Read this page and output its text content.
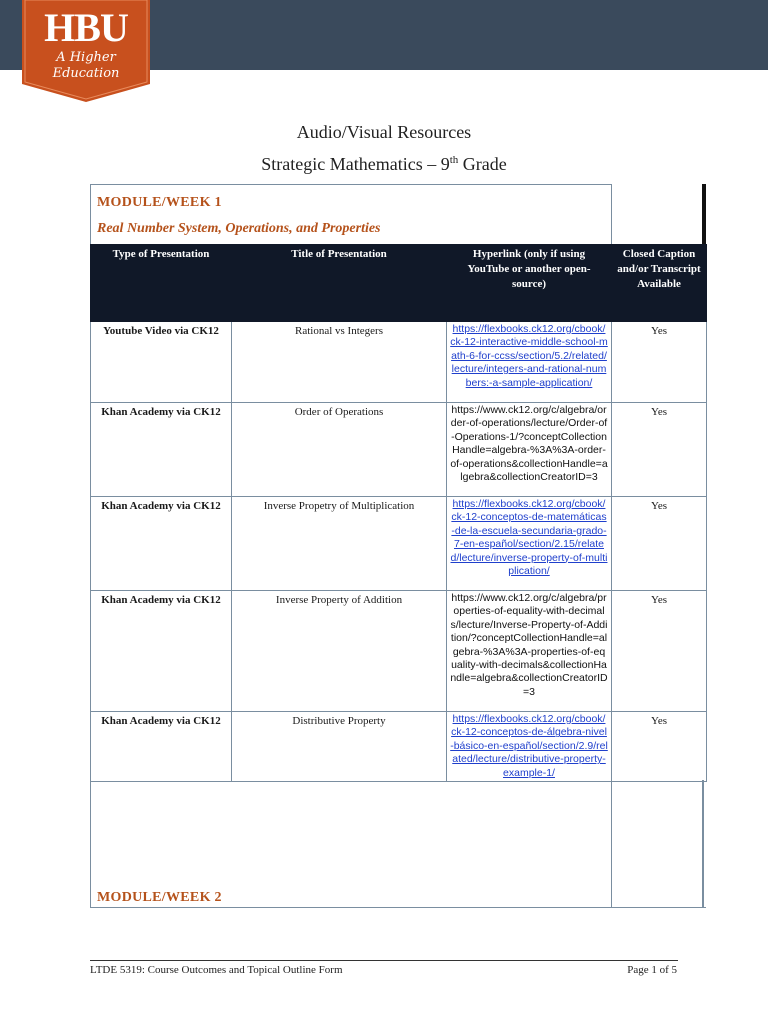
HBU
A Higher Education
Audio/Visual Resources
Strategic Mathematics – 9th Grade
MODULE/WEEK 1
Real Number System, Operations, and Properties
Type of Presentation	Title of Presentation	Hyperlink (only if using YouTube or another open-source)	Closed Caption and/or Transcript Available
Youtube Video via CK12	Rational vs Integers	https://flexbooks.ck12.org/cbook/ck-12-interactive-middle-school-math-6-for-ccss/section/5.2/related/lecture/integers-and-rational-numbers:-a-sample-application/	Yes
Khan Academy via CK12	Order of Operations	https://www.ck12.org/c/algebra/order-of-operations/lecture/Order-of-Operations-1/?conceptCollectionHandle=algebra-%3A%3A-order-of-operations&collectionHandle=algebra&collectionCreatorID=3	Yes
Khan Academy via CK12	Inverse Propetry of Multiplication	https://flexbooks.ck12.org/cbook/ck-12-conceptos-de-matemáticas-de-la-escuela-secundaria-grado-7-en-español/section/2.15/related/lecture/inverse-property-of-multiplication/	Yes
Khan Academy via CK12	Inverse Property of Addition	https://www.ck12.org/c/algebra/properties-of-equality-with-decimals/lecture/Inverse-Property-of-Addition/?conceptCollectionHandle=algebra-%3A%3A-properties-of-equality-with-decimals&collectionHandle=algebra&collectionCreatorID=3	Yes
Khan Academy via CK12	Distributive Property	https://flexbooks.ck12.org/cbook/ck-12-conceptos-de-álgebra-nivel-básico-en-español/section/2.9/related/lecture/distributive-property-example-1/	Yes
MODULE/WEEK 2
LTDE 5319: Course Outcomes and Topical Outline Form	Page 1 of 5
